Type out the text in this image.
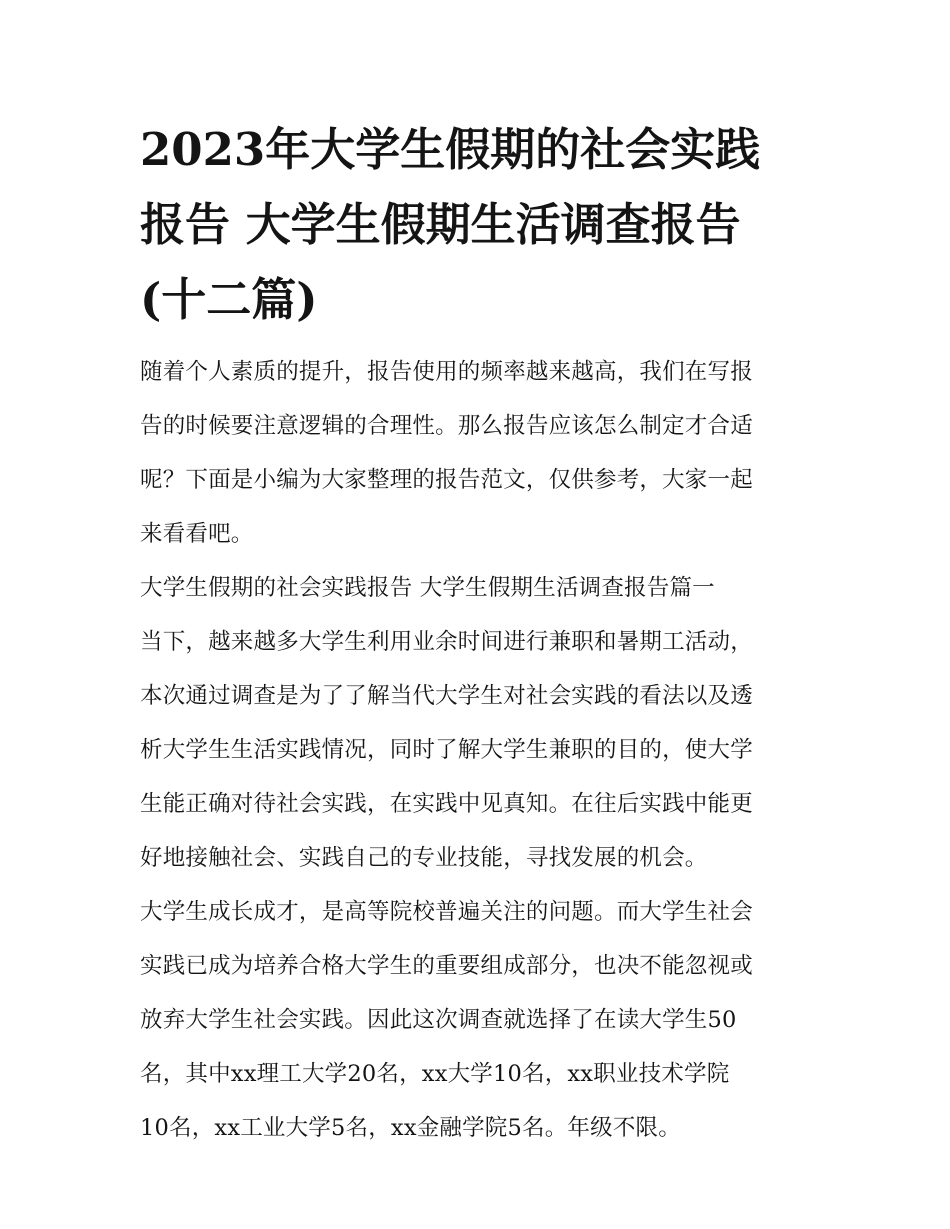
2023年大学生假期的社会实践
报告 大学生假期生活调查报告
(十二篇)
随着个人素质的提升，报告使用的频率越来越高，我们在写报
告的时候要注意逻辑的合理性。那么报告应该怎么制定才合适
呢？下面是小编为大家整理的报告范文，仅供参考，大家一起
来看看吧。
大学生假期的社会实践报告 大学生假期生活调查报告篇一
当下，越来越多大学生利用业余时间进行兼职和暑期工活动，
本次通过调查是为了了解当代大学生对社会实践的看法以及透
析大学生生活实践情况，同时了解大学生兼职的目的，使大学
生能正确对待社会实践，在实践中见真知。在往后实践中能更
好地接触社会、实践自己的专业技能，寻找发展的机会。
大学生成长成才，是高等院校普遍关注的问题。而大学生社会
实践已成为培养合格大学生的重要组成部分，也决不能忽视或
放弃大学生社会实践。因此这次调查就选择了在读大学生50
名，其中xx理工大学20名，xx大学10名，xx职业技术学院
10名，xx工业大学5名，xx金融学院5名。年级不限。
